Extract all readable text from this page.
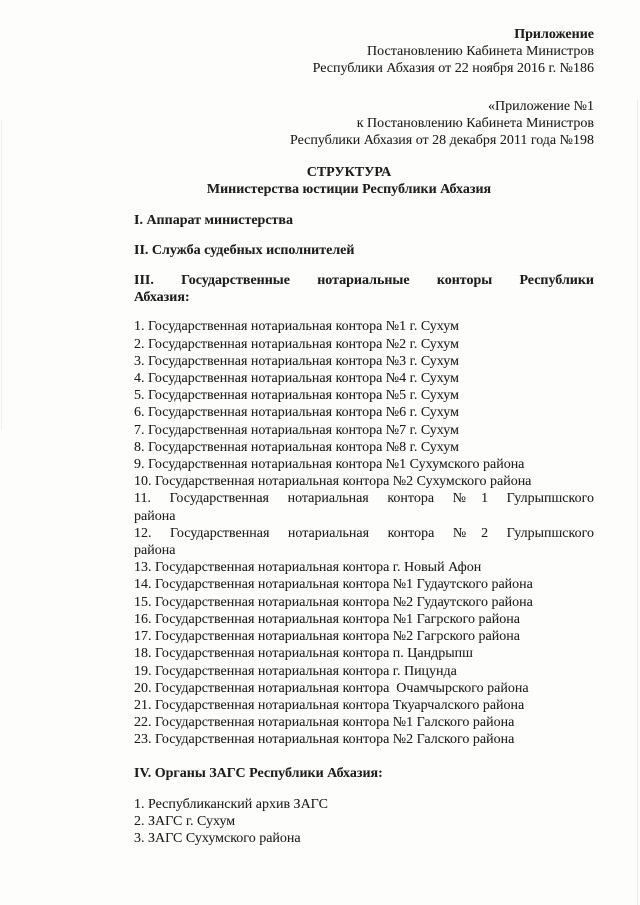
Приложение
Постановлению Кабинета Министров
Республики Абхазия от 22 ноября 2016 г. №186
«Приложение №1
к Постановлению Кабинета Министров
Республики Абхазия от 28 декабря 2011 года №198
СТРУКТУРА
Министерства юстиции Республики Абхазия
I. Аппарат министерства
II. Служба судебных исполнителей
III. Государственные нотариальные конторы Республики
Абхазия:
1. Государственная нотариальная контора №1 г. Сухум
2. Государственная нотариальная контора №2 г. Сухум
3. Государственная нотариальная контора №3 г. Сухум
4. Государственная нотариальная контора №4 г. Сухум
5. Государственная нотариальная контора №5 г. Сухум
6. Государственная нотариальная контора №6 г. Сухум
7. Государственная нотариальная контора №7 г. Сухум
8. Государственная нотариальная контора №8 г. Сухум
9. Государственная нотариальная контора №1 Сухумского района
10. Государственная нотариальная контора №2 Сухумского района
11. Государственная нотариальная контора №1 Гулрыпшского
района
12. Государственная нотариальная контора №2 Гулрыпшского
района
13. Государственная нотариальная контора г. Новый Афон
14. Государственная нотариальная контора №1 Гудаутского района
15. Государственная нотариальная контора №2 Гудаутского района
16. Государственная нотариальная контора №1 Гагрского района
17. Государственная нотариальная контора №2 Гагрского района
18. Государственная нотариальная контора п. Цандрыпш
19. Государственная нотариальная контора г. Пицунда
20. Государственная нотариальная контора  Очамчырского района
21. Государственная нотариальная контора Ткуарчалского района
22. Государственная нотариальная контора №1 Галского района
23. Государственная нотариальная контора №2 Галского района
IV. Органы ЗАГС Республики Абхазия:
1. Республиканский архив ЗАГС
2. ЗАГС г. Сухум
3. ЗАГС Сухумского района
